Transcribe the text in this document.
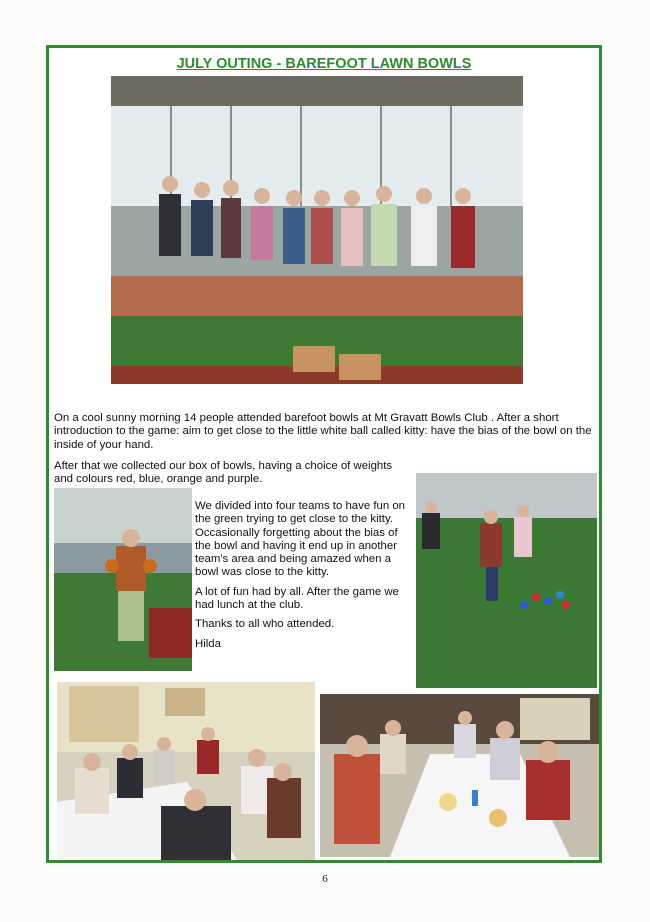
JULY OUTING - BAREFOOT LAWN BOWLS

On a cool sunny morning 14 people attended barefoot bowls at Mt Gravatt Bowls Club . After a short introduction to the game: aim to get close to the little white ball called kitty: have the bias of the bowl on the inside of your hand.

After that we collected our box of bowls, having a choice of weights and colours red, blue, orange and purple.

We divided into four teams to have fun on the green trying to get close to the kitty. Occasionally forgetting about the bias of the bowl and having it end up in another team's area and being amazed when a bowl was close to the kitty.

A lot of fun had by all. After the game we had lunch at the club.

Thanks to all who attended.

Hilda

6
